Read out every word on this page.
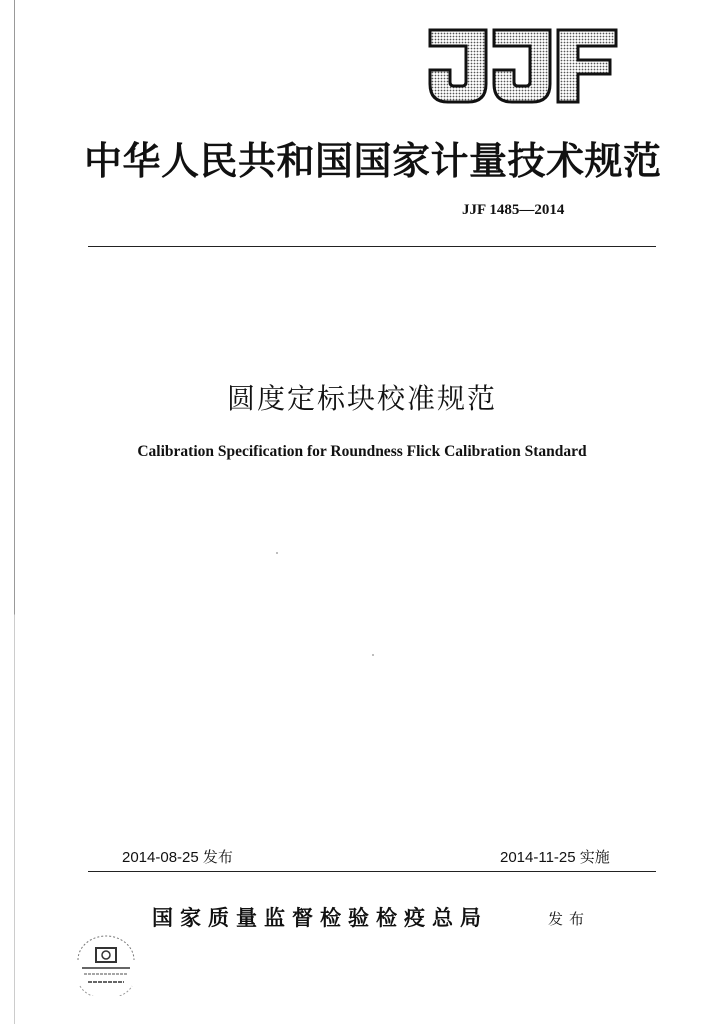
中华人民共和国国家计量技术规范
JJF 1485—2014
圆度定标块校准规范
Calibration Specification for Roundness Flick Calibration Standard
2014-08-25 发布	2014-11-25 实施
国家质量监督检验检疫总局	发布
